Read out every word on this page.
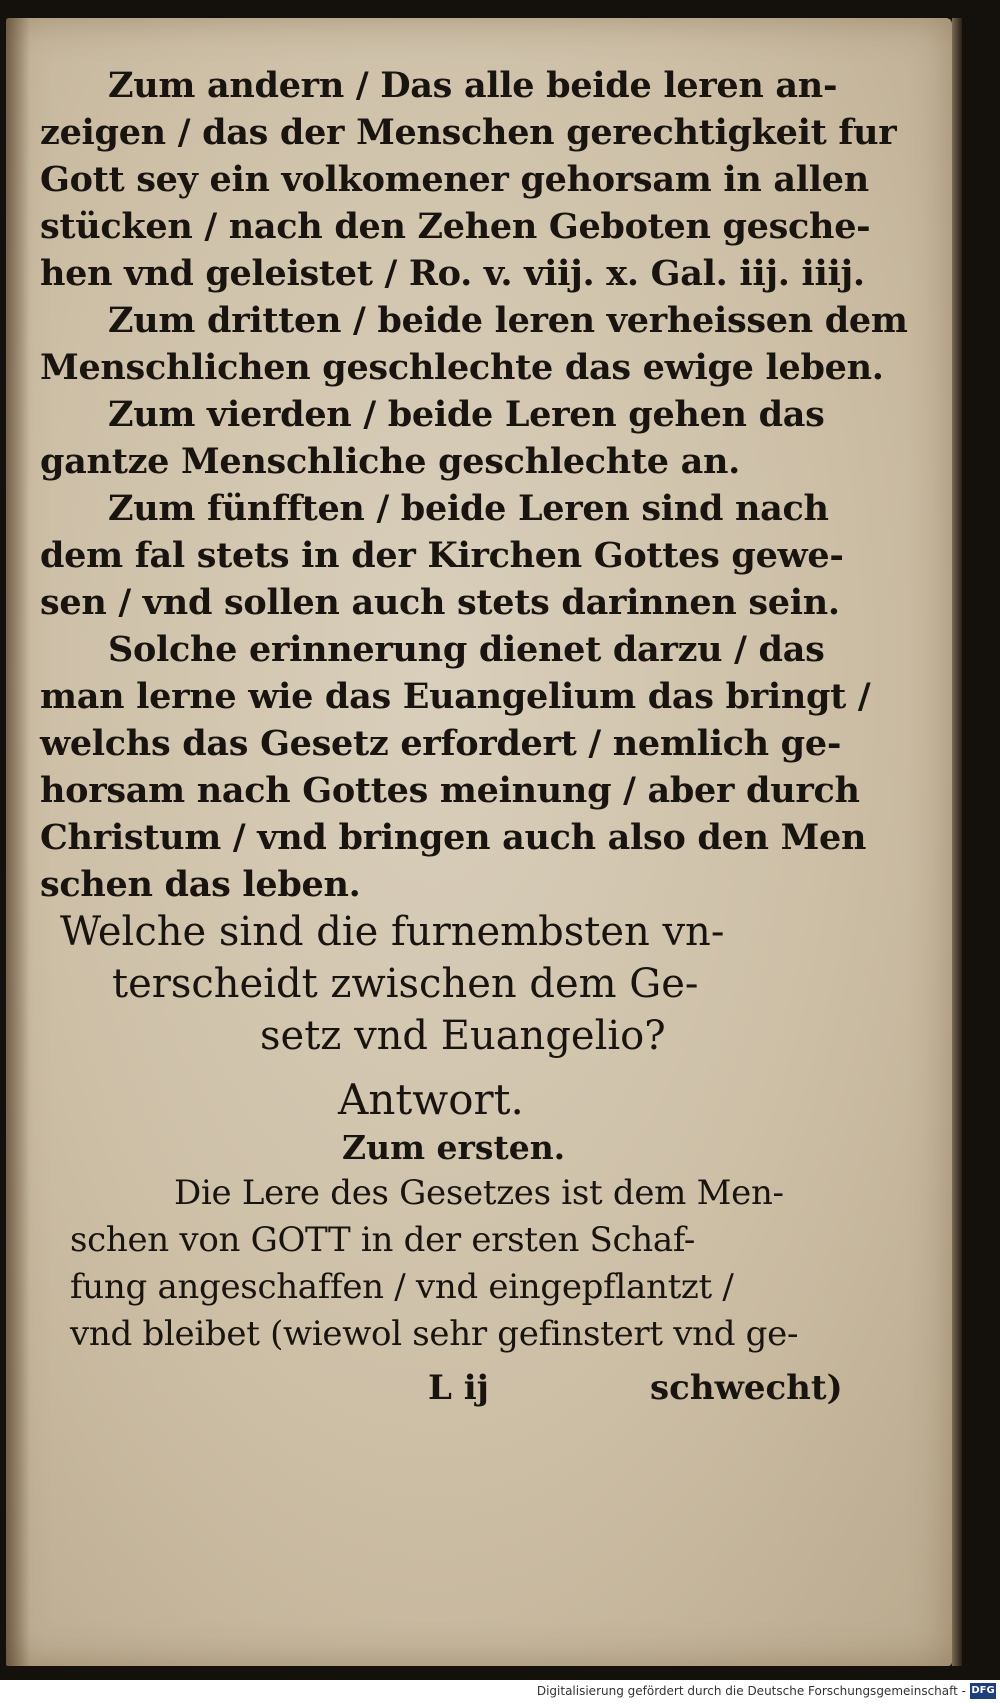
Zum andern / Das alle beide leren an-
zeigen / das der Menschen gerechtigkeit fur
Gott sey ein volkomener gehorsam in allen
stücken / nach den Zehen Geboten gesche-
hen vnd geleistet / Ro. v. viij. x. Gal. iij. iiij.
Zum dritten / beide leren verheissen dem
Menschlichen geschlechte das ewige leben.
Zum vierden / beide Leren gehen das
gantze Menschliche geschlechte an.
Zum fünfften / beide Leren sind nach
dem fal stets in der Kirchen Gottes gewe-
sen / vnd sollen auch stets darinnen sein.
Solche erinnerung dienet darzu / das
man lerne wie das Euangelium das bringt /
welchs das Gesetz erfordert / nemlich ge-
horsam nach Gottes meinung / aber durch
Christum / vnd bringen auch also den Men
schen das leben.
Welche sind die furnembsten vn-
terscheidt zwischen dem Ge-
setz vnd Euangelio?
Antwort.
Zum ersten.
Die Lere des Gesetzes ist dem Men-
schen von GOTT in der ersten Schaf-
fung angeschaffen / vnd eingepflantzt /
vnd bleibet (wiewol sehr gefinstert vnd ge-
L ij	schwecht)
Digitalisierung gefördert durch die Deutsche Forschungsgemeinschaft - DFG
